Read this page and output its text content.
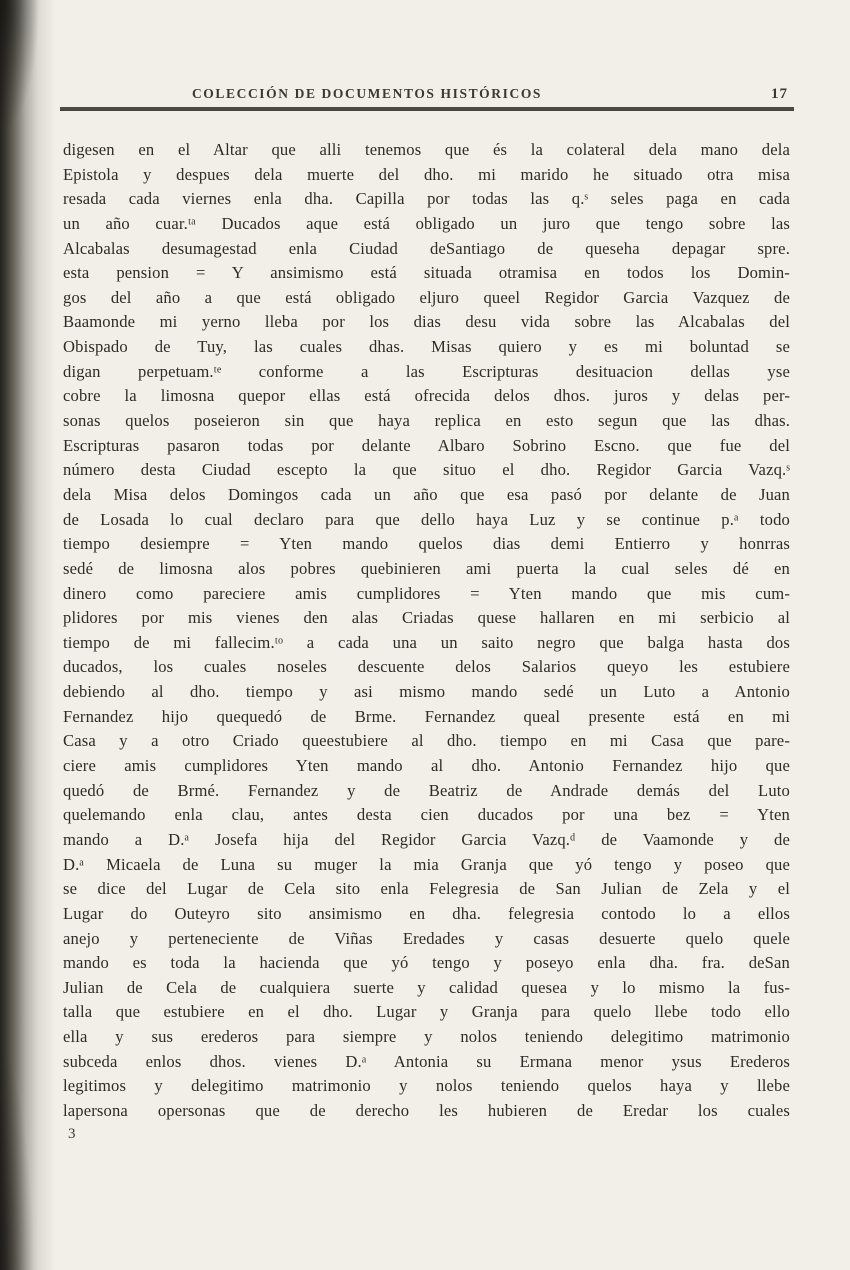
COLECCIÓN DE DOCUMENTOS HISTÓRICOS	17
digesen en el Altar que alli tenemos que és la colateral dela mano dela
Epistola y despues dela muerte del dho. mi marido he situado otra misa
resada cada viernes enla dha. Capilla por todas las q.ˢ seles paga en cada
un año cuar.ᵗᵃ Ducados aque está obligado un juro que tengo sobre las
Alcabalas desumagestad enla Ciudad deSantiago de queseha depagar spre.
esta pension = Y ansimismo está situada otramisa en todos los Domin-
gos del año a que está obligado eljuro queel Regidor Garcia Vazquez de
Baamonde mi yerno lleba por los dias desu vida sobre las Alcabalas del
Obispado de Tuy, las cuales dhas. Misas quiero y es mi boluntad se
digan perpetuam.ᵗᵉ conforme a las Escripturas desituacion dellas yse
cobre la limosna quepor ellas está ofrecida delos dhos. juros y delas per-
sonas quelos poseieron sin que haya replica en esto segun que las dhas.
Escripturas pasaron todas por delante Albaro Sobrino Escno. que fue del
número desta Ciudad escepto la que situo el dho. Regidor Garcia Vazq.ˢ
dela Misa delos Domingos cada un año que esa pasó por delante de Juan
de Losada lo cual declaro para que dello haya Luz y se continue p.ᵃ todo
tiempo desiempre = Yten mando quelos dias demi Entierro y honrras
sedé de limosna alos pobres quebinieren ami puerta la cual seles dé en
dinero como pareciere amis cumplidores = Yten mando que mis cum-
plidores por mis vienes den alas Criadas quese hallaren en mi serbicio al
tiempo de mi fallecim.ᵗᵒ a cada una un saito negro que balga hasta dos
ducados, los cuales noseles descuente delos Salarios queyo les estubiere
debiendo al dho. tiempo y asi mismo mando sedé un Luto a Antonio
Fernandez hijo quequedó de Brme. Fernandez queal presente está en mi
Casa y a otro Criado queestubiere al dho. tiempo en mi Casa que pare-
ciere amis cumplidores Yten mando al dho. Antonio Fernandez hijo que
quedó de Brmé. Fernandez y de Beatriz de Andrade demás del Luto
quelemando enla clau, antes desta cien ducados por una bez = Yten
mando a D.ᵃ Josefa hija del Regidor Garcia Vazq.ᵈ de Vaamonde y de
D.ᵃ Micaela de Luna su muger la mia Granja que yó tengo y poseo que
se dice del Lugar de Cela sito enla Felegresia de San Julian de Zela y el
Lugar do Outeyro sito ansimismo en dha. felegresia contodo lo a ellos
anejo y perteneciente de Viñas Eredades y casas desuerte quelo quele
mando es toda la hacienda que yó tengo y poseyo enla dha. fra. deSan
Julian de Cela de cualquiera suerte y calidad quesea y lo mismo la fus-
talla que estubiere en el dho. Lugar y Granja para quelo llebe todo ello
ella y sus erederos para siempre y nolos teniendo delegitimo matrimonio
subceda enlos dhos. vienes D.ᵃ Antonia su Ermana menor ysus Erederos
legitimos y delegitimo matrimonio y nolos teniendo quelos haya y llebe
lapersona opersonas que de derecho les hubieren de Eredar los cuales
3
